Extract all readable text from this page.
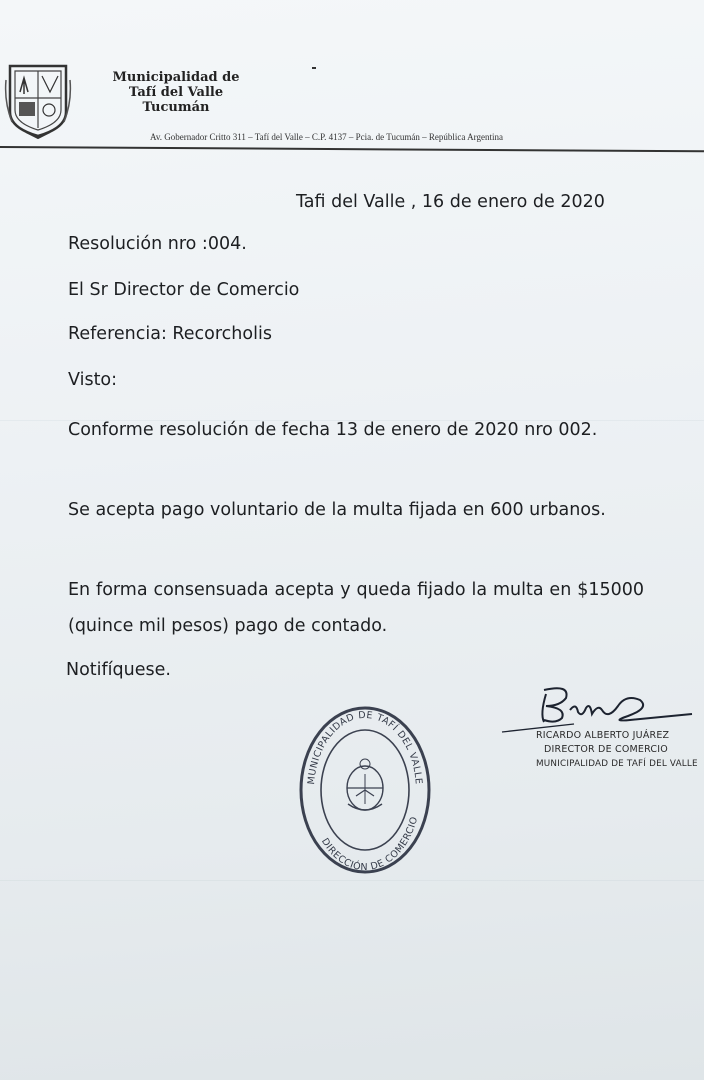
Municipalidad de
Tafí del Valle
Tucumán
Av. Gobernador Critto 311 – Tafí del Valle – C.P. 4137 – Pcia. de Tucumán – República Argentina
Tafi del Valle , 16 de enero de 2020
Resolución nro :004.
El Sr Director de Comercio
Referencia: Recorcholis
Visto:
Conforme resolución de fecha 13 de enero de 2020 nro 002.
Se acepta pago voluntario de la multa fijada en 600 urbanos.
En forma consensuada acepta y queda fijado la multa en $15000 (quince mil pesos) pago de contado.
Notifíquese.
MUNICIPALIDAD DE TAFÍ DEL VALLE
DIRECCIÓN DE COMERCIO
RICARDO ALBERTO JUÁREZ
DIRECTOR DE COMERCIO
MUNICIPALIDAD DE TAFÍ DEL VALLE
